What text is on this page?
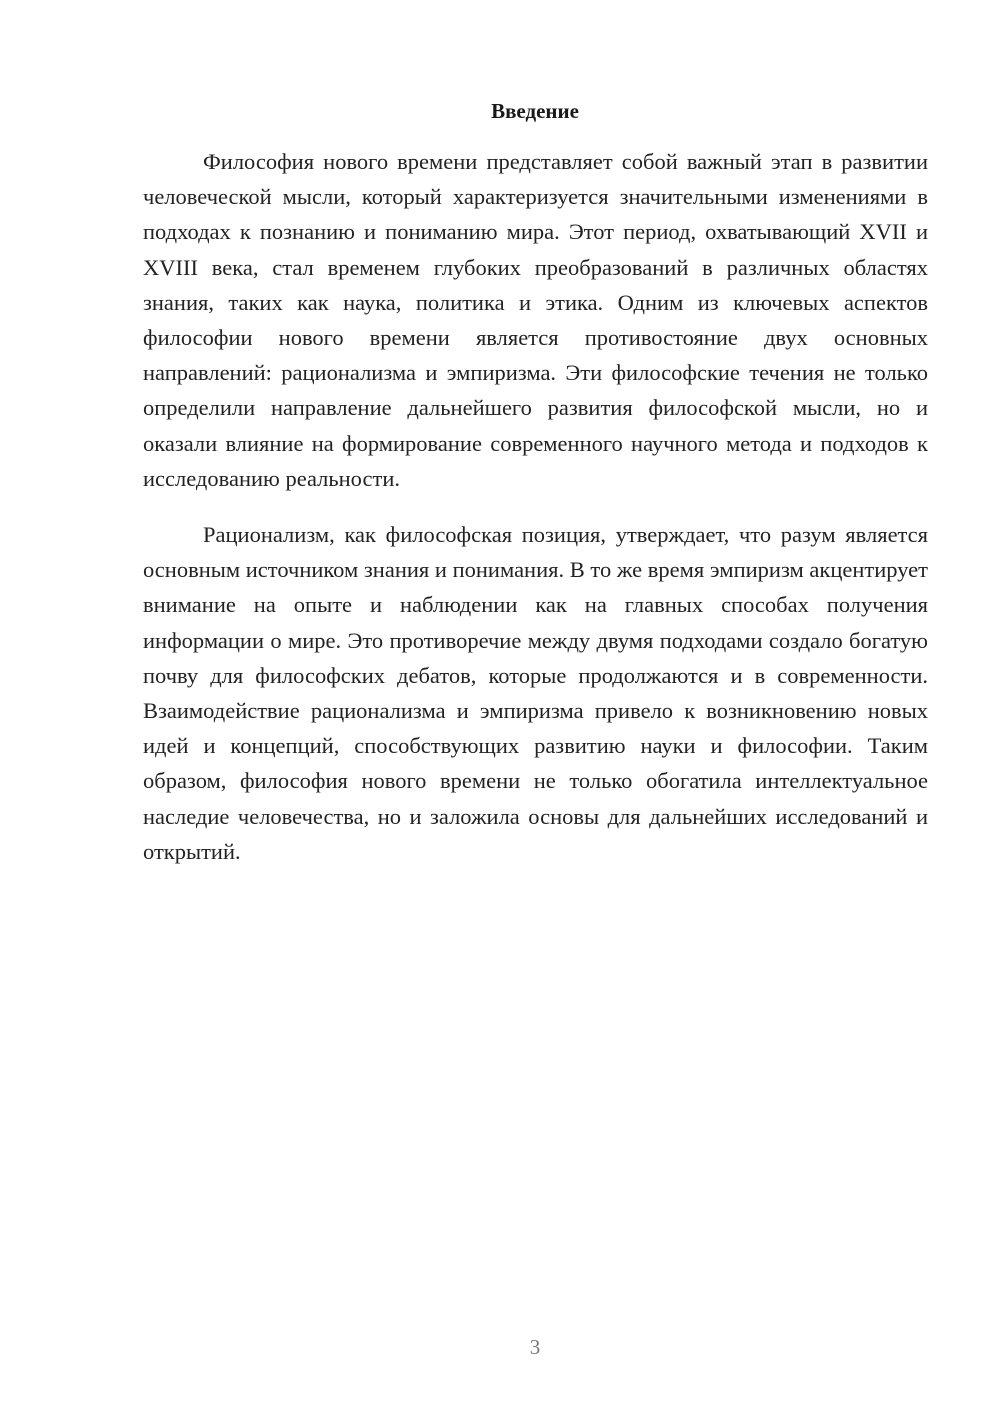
Введение

Философия нового времени представляет собой важный этап в развитии человеческой мысли, который характеризуется значительными изменениями в подходах к познанию и пониманию мира. Этот период, охватывающий XVII и XVIII века, стал временем глубоких преобразований в различных областях знания, таких как наука, политика и этика. Одним из ключевых аспектов философии нового времени является противостояние двух основных направлений: рационализма и эмпиризма. Эти философские течения не только определили направление дальнейшего развития философской мысли, но и оказали влияние на формирование современного научного метода и подходов к исследованию реальности.

Рационализм, как философская позиция, утверждает, что разум является основным источником знания и понимания. В то же время эмпиризм акцентирует внимание на опыте и наблюдении как на главных способах получения информации о мире. Это противоречие между двумя подходами создало богатую почву для философских дебатов, которые продолжаются и в современности. Взаимодействие рационализма и эмпиризма привело к возникновению новых идей и концепций, способствующих развитию науки и философии. Таким образом, философия нового времени не только обогатила интеллектуальное наследие человечества, но и заложила основы для дальнейших исследований и открытий.

3
